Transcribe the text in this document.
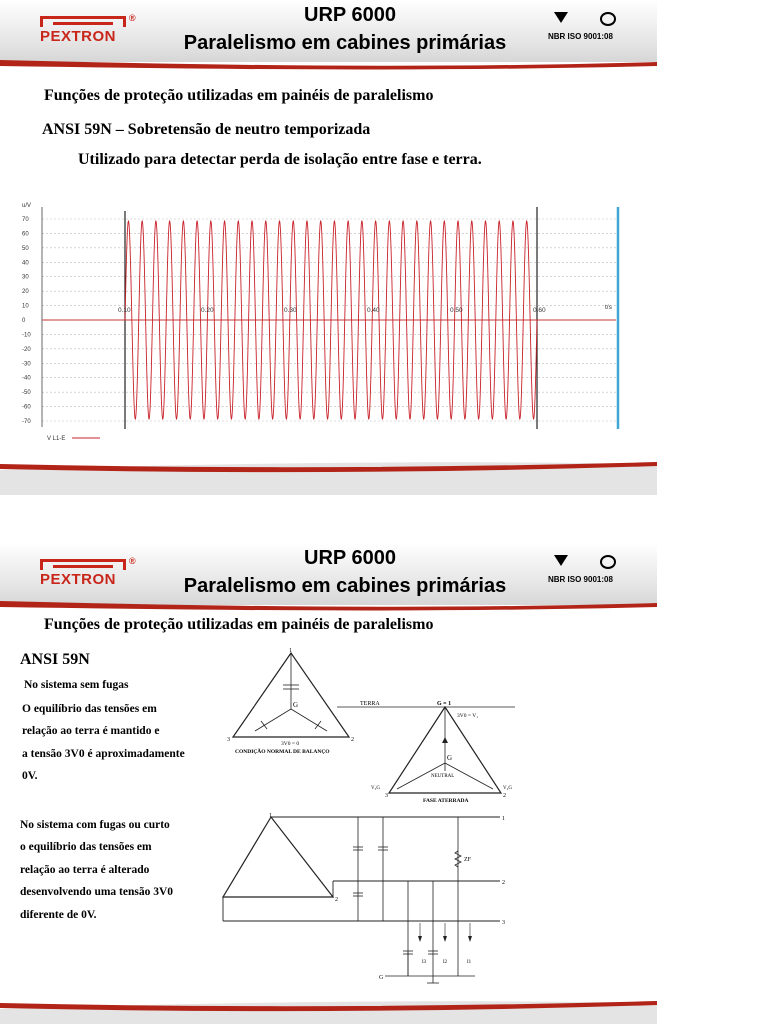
®
PEXTRON
URP 6000
Paralelismo em cabines primárias	NBR ISO 9001:08
Funções de proteção utilizadas em painéis de paralelismo
ANSI 59N – Sobretensão de neutro temporizada
Utilizado para detectar perda de isolação entre fase e terra.
70
60
50
40
30
20
10
0
-10
-20
-30
-40
-50
-60
-70
0.10	0.20	0.30	0.40	0.50	0.60
u/V
t/s
V L1-E
®
PEXTRON
URP 6000
Paralelismo em cabines primárias	NBR ISO 9001:08
Funções de proteção utilizadas em painéis de paralelismo
ANSI 59N
No sistema sem fugas
O equilíbrio das tensões em
relação ao terra é mantido e
a tensão 3V0 é aproximadamente
0V.
No sistema com fugas ou curto
o equilíbrio das tensões em
relação ao terra é alterado
desenvolvendo uma tensão 3V0
diferente de 0V.
1
3	2
G
3V0 = 0
CONDIÇÃO NORMAL DE BALANÇO
TERRA	G = 1
3V0 = V₁
G
NEUTRAL
V₃G	V₂G
3	2
FASE ATERRADA
1
2
1
2
3
ZF
I3	I2	I1
G
